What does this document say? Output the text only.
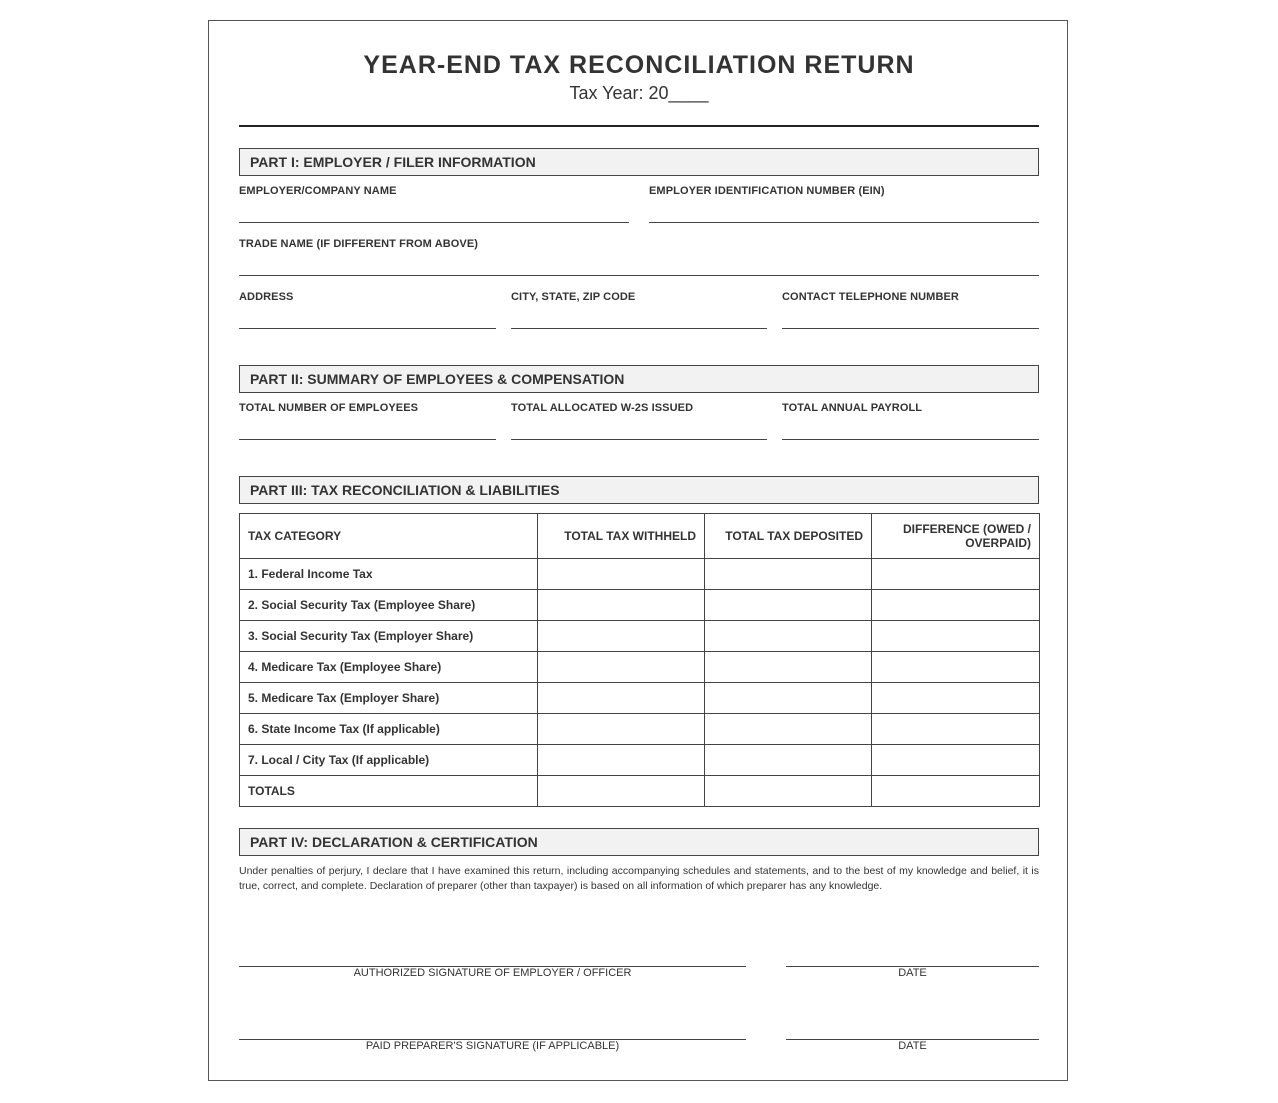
YEAR-END TAX RECONCILIATION RETURN
Tax Year: 20____
PART I: EMPLOYER / FILER INFORMATION
EMPLOYER/COMPANY NAME	EMPLOYER IDENTIFICATION NUMBER (EIN)
TRADE NAME (IF DIFFERENT FROM ABOVE)
ADDRESS	CITY, STATE, ZIP CODE	CONTACT TELEPHONE NUMBER
PART II: SUMMARY OF EMPLOYEES & COMPENSATION
TOTAL NUMBER OF EMPLOYEES	TOTAL ALLOCATED W-2S ISSUED	TOTAL ANNUAL PAYROLL
PART III: TAX RECONCILIATION & LIABILITIES
TAX CATEGORY	TOTAL TAX WITHHELD	TOTAL TAX DEPOSITED	DIFFERENCE (OWED / OVERPAID)
1. Federal Income Tax			
2. Social Security Tax (Employee Share)			
3. Social Security Tax (Employer Share)			
4. Medicare Tax (Employee Share)			
5. Medicare Tax (Employer Share)			
6. State Income Tax (If applicable)			
7. Local / City Tax (If applicable)			
TOTALS			
PART IV: DECLARATION & CERTIFICATION
Under penalties of perjury, I declare that I have examined this return, including accompanying schedules and statements, and to the best of my knowledge and belief, it is true, correct, and complete. Declaration of preparer (other than taxpayer) is based on all information of which preparer has any knowledge.
AUTHORIZED SIGNATURE OF EMPLOYER / OFFICER	DATE
PAID PREPARER'S SIGNATURE (IF APPLICABLE)	DATE
